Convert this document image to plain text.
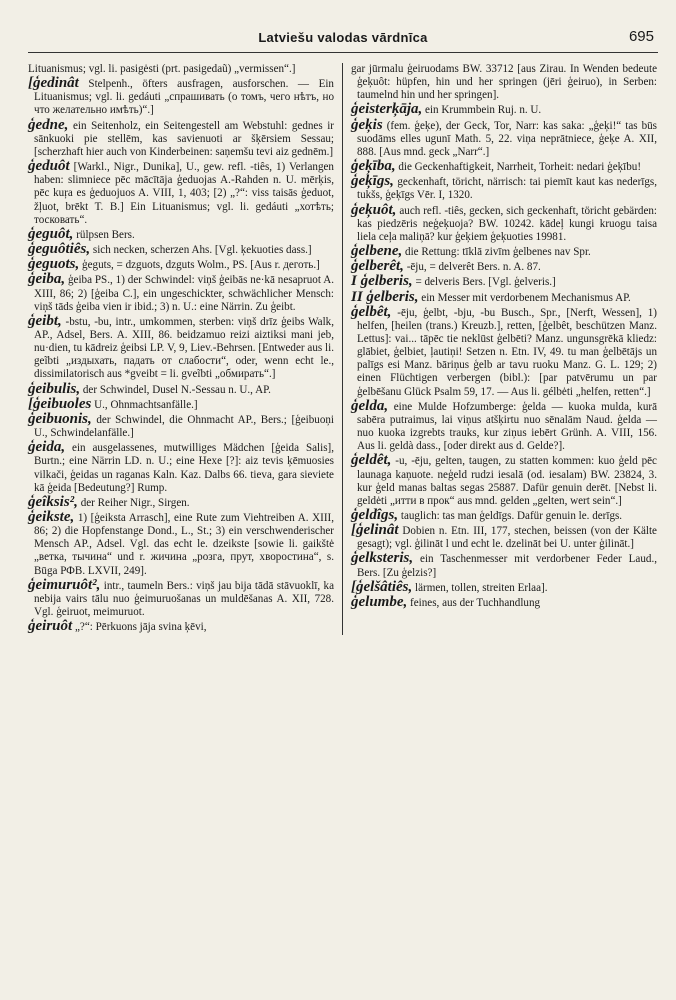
Latviešu valodas vārdnīca	695

Lituanismus; vgl. li. pasigėsti (prt. pasigedaũ) „vermissen“.]

[ģedinât Stelpenh., öfters ausfragen, ausforschen. — Ein Lituanismus; vgl. li. gedáuti „спрашивать (о томъ, чего нѣтъ, но что желательно имѣть)“.]

ģedne, ein Seitenholz, ein Seitengestell am Webstuhl: gednes ir sānkuoki pie stellēm, kas savienuoti ar šķērsiem Sessau; [scherzhaft hier auch von Kinderbeinen: saņemšu tevi aiz gednēm.]

ģeduôt [Warkl., Nigr., Dunika], U., gew. refl. -tiês, 1) Verlangen haben: slimniece pēc mācītāja ģeduojas A.-Rahden n. U. mērķis, pēc kuŗa es ģeduojuos A. VIII, 1, 403; [2) „?“: viss taisās ģeduot, žļuot, brēkt T. B.] Ein Lituanismus; vgl. li. gedáuti „хотѣть; тосковать“.

ģeguôt, rülpsen Bers.

ģeguôtiês, sich necken, scherzen Ahs. [Vgl. ķekuoties dass.]

ģeguots, ģeguts, = dzguots, dzguts Wolm., PS. [Aus r. деготь.]

ģeiba, ģeiba PS., 1) der Schwindel: viņš ģeibās ne·kā nesapruot A. XIII, 86; 2) [ģeiba C.], ein ungeschickter, schwächlicher Mensch: viņš tāds ģeiba vien ir ibid.; 3) n. U.: eine Närrin. Zu ģeibt.

ģeibt, -bstu, -bu, intr., umkommen, sterben: viņš drīz ģeibs Walk, AP., Adsel, Bers. A. XIII, 86. beidzamuo reizi aiztiksi mani jeb, nu·dien, tu kādreiz ģeibsi LP. V, 9, Liev.-Behrsen. [Entweder aus li. geĩbti „издыхать, падать от слабости“, oder, wenn echt le., dissimilatorisch aus *gveibt = li. gveĩbti „обмирать“.]

ģeibulis, der Schwindel, Dusel N.-Sessau n. U., AP.

[ģeibuoles U., Ohnmachtsanfälle.]

ģeibuonis, der Schwindel, die Ohnmacht AP., Bers.; [ģeibuoņi U., Schwindelanfälle.]

ģeida, ein ausgelassenes, mutwilliges Mädchen [ģeida Salis], Burtn.; eine Närrin LD. n. U.; eine Hexe [?]: aiz tevis ķēmuosies vilkači, ģeidas un raganas Kaln. Kaz. Dalbs 66. tieva, gara sieviete kā ģeida [Bedeutung?] Rump.

ģeîksis², der Reiher Nigr., Sirgen.

ģeikste, 1) [ģeiksta Arrasch], eine Rute zum Viehtreiben A. XIII, 86; 2) die Hopfenstange Dond., L., St.; 3) ein verschwenderischer Mensch AP., Adsel. Vgl. das echt le. dzeikste [sowie li. gaikštė „ветка, тычина“ und r. жичина „розга, прут, хворостина“, s. Būga РФВ. LXVII, 249].

ģeimuruôt², intr., taumeln Bers.: viņš jau bija tādā stāvuoklī, ka nebija vairs tālu nuo ģeimuruošanas un muldēšanas A. XII, 728. Vgl. ģeiruot, meimuruot.

ģeiruôt „?“: Pērkuons jāja svina ķēvi,

gar jūrmalu ģeiruodams BW. 33712 [aus Zirau. In Wenden bedeute ģeķuôt: hüpfen, hin und her springen (jēri ģeiruo), in Serben: taumelnd hin und her springen].

ģeisterķāja, ein Krummbein Ruj. n. U.

ģeķis (fem. ģeķe), der Geck, Tor, Narr: kas saka: „ģeķi!“ tas būs suodāms elles ugunī Math. 5, 22. viņa neprātniece, ģeķe A. XII, 888. [Aus mnd. geck „Narr“.]

ģeķība, die Geckenhaftigkeit, Narrheit, Torheit: nedari ģeķību!

ģeķīgs, geckenhaft, töricht, närrisch: tai piemīt kaut kas nederīgs, tukšs, ģeķīgs Vēr. I, 1320.

ģeķuôt, auch refl. -tiês, gecken, sich geckenhaft, töricht gebärden: kas piedzēris neģeķuoja? BW. 10242. kādeļ kungi kruogu taisa liela ceļa maliņā? kur ģeķiem ģeķuoties 19981.

ģelbene, die Rettung: tīklā zivīm ģelbenes nav Spr.

ģelberêt, -ēju, = delverêt Bers. n. A. 87.

I ģelberis, = delveris Bers. [Vgl. ģelveris.]

II ģelberis, ein Messer mit verdorbenem Mechanismus AP.

ģelbêt, -ēju, ģelbt, -bju, -bu Busch., Spr., [Nerft, Wessen], 1) helfen, [heilen (trans.) Kreuzb.], retten, [ģelbêt, beschützen Manz. Lettus]: vai... tāpēc tie neklūst ģelbēti? Manz. ungunsgrēkā kliedz: glābiet, ģelbiet, ļautiņi! Setzen n. Etn. IV, 49. tu man ģelbētājs un palīgs esi Manz. bāriņus ģelb ar tavu ruoku Manz. G. L. 129; 2) einen Flüchtigen verbergen (bibl.): [par patvērumu un par ģelbēšanu Glück Psalm 59, 17. — Aus li. gélbėti „helfen, retten“.]

ģelda, eine Mulde Hofzumberge: ģelda — kuoka mulda, kurā sabēra putraimus, lai viņus atšķirtu nuo sēnalām Naud. ģelda — nuo kuoka izgrebts trauks, kur ziņus iebērt Grünh. A. VIII, 156. Aus li. geldà dass., [oder direkt aus d. Gelde?].

ģeldêt, -u, -ēju, gelten, taugen, zu statten kommen: kuo ģeld pēc launaga kaņuote. neģeld rudzi iesalā (od. iesalam) BW. 23824, 3. kur ģeld manas baltas segas 25887. Dafür genuin derēt. [Nebst li. geldėti „итти в прок“ aus mnd. gelden „gelten, wert sein“.]

ģeldîgs, tauglich: tas man ģeldīgs. Dafür genuin le. derīgs.

[ģelinât Dobien n. Etn. III, 177, stechen, beissen (von der Kälte gesagt); vgl. ģilināt l und echt le. dzelināt bei U. unter ģilināt.]

ģelksteris, ein Taschenmesser mit verdorbener Feder Laud., Bers. [Zu ģelzis?]

[ģelšâtiês, lärmen, tollen, streiten Erlaa].

ģelumbe, feines, aus der Tuchhandlung
